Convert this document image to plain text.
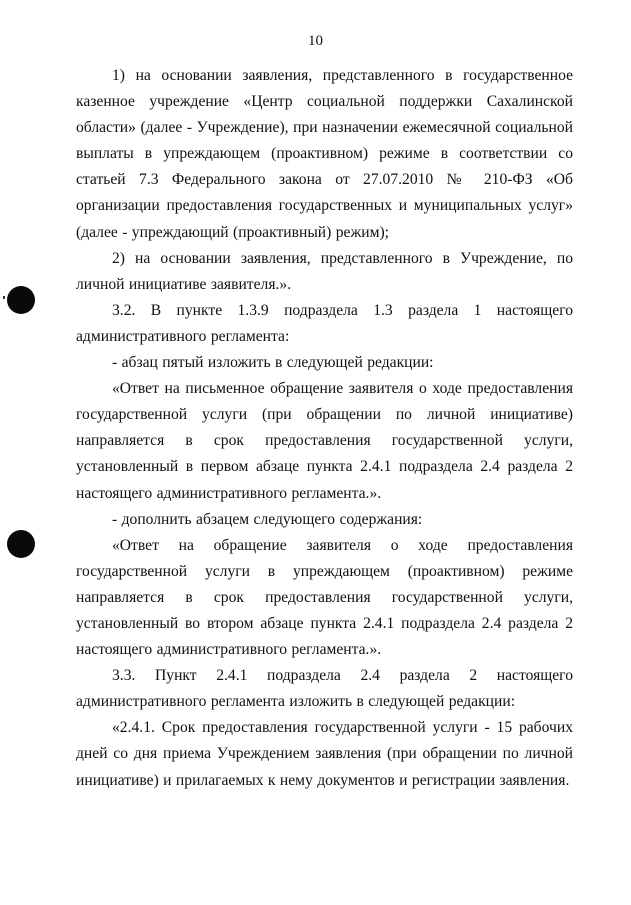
10

1) на основании заявления, представленного в государственное казенное учреждение «Центр социальной поддержки Сахалинской области» (далее - Учреждение), при назначении ежемесячной социальной выплаты в упреждающем (проактивном) режиме в соответствии со статьей 7.3 Федерального закона от 27.07.2010 № 210-ФЗ «Об организации предоставления государственных и муниципальных услуг» (далее - упреждающий (проактивный) режим);

2) на основании заявления, представленного в Учреждение, по личной инициативе заявителя.».

3.2. В пункте 1.3.9 подраздела 1.3 раздела 1 настоящего административного регламента:

- абзац пятый изложить в следующей редакции:

«Ответ на письменное обращение заявителя о ходе предоставления государственной услуги (при обращении по личной инициативе) направляется в срок предоставления государственной услуги, установленный в первом абзаце пункта 2.4.1 подраздела 2.4 раздела 2 настоящего административного регламента.».

- дополнить абзацем следующего содержания:

«Ответ на обращение заявителя о ходе предоставления государственной услуги в упреждающем (проактивном) режиме направляется в срок предоставления государственной услуги, установленный во втором абзаце пункта 2.4.1 подраздела 2.4 раздела 2 настоящего административного регламента.».

3.3. Пункт 2.4.1 подраздела 2.4 раздела 2 настоящего административного регламента изложить в следующей редакции:

«2.4.1. Срок предоставления государственной услуги - 15 рабочих дней со дня приема Учреждением заявления (при обращении по личной инициативе) и прилагаемых к нему документов и регистрации заявления.
